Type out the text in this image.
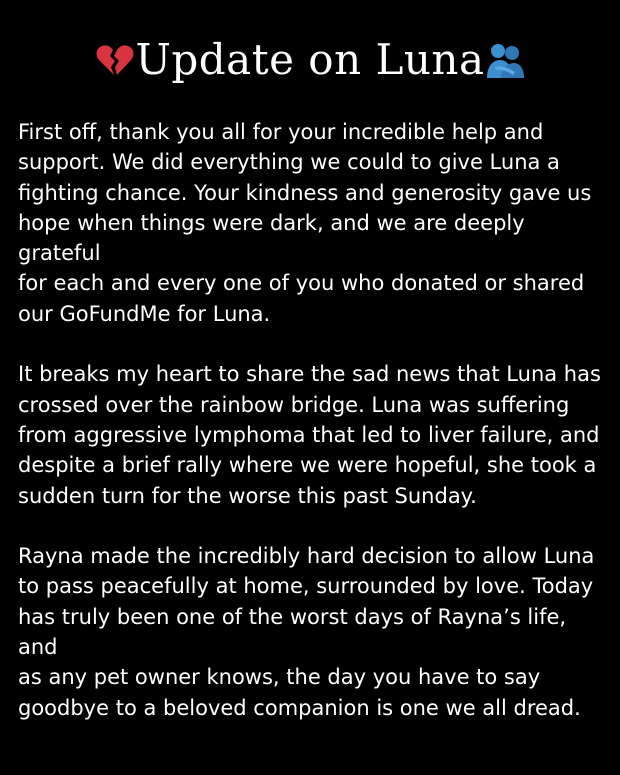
Update on Luna

First off, thank you all for your incredible help and
support. We did everything we could to give Luna a
fighting chance. Your kindness and generosity gave us
hope when things were dark, and we are deeply grateful
for each and every one of you who donated or shared
our GoFundMe for Luna.

It breaks my heart to share the sad news that Luna has
crossed over the rainbow bridge. Luna was suffering
from aggressive lymphoma that led to liver failure, and
despite a brief rally where we were hopeful, she took a
sudden turn for the worse this past Sunday.

Rayna made the incredibly hard decision to allow Luna
to pass peacefully at home, surrounded by love. Today
has truly been one of the worst days of Rayna’s life, and
as any pet owner knows, the day you have to say
goodbye to a beloved companion is one we all dread.
